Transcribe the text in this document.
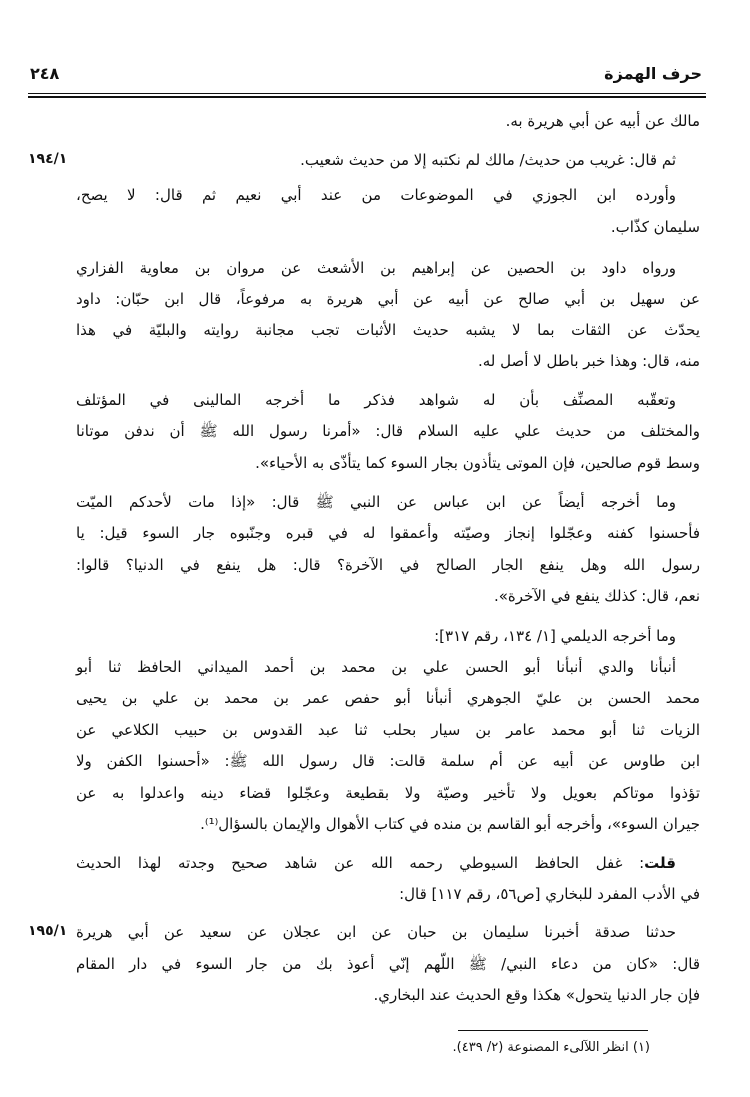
٢٤٨	حرف الهمزة
مالك عن أبيه عن أبي هريرة به.
ثم قال: غريب من حديث/ مالك لم نكتبه إلا من حديث شعيب.
وأورده ابن الجوزي في الموضوعات من عند أبي نعيم ثم قال: لا يصح،
سليمان كذّاب.
ورواه داود بن الحصين عن إبراهيم بن الأشعث عن مروان بن معاوية الفزاري
عن سهيل بن أبي صالح عن أبيه عن أبي هريرة به مرفوعاً، قال ابن حبّان: داود
يحدّث عن الثقات بما لا يشبه حديث الأثبات تجب مجانبة روايته والبليّة في هذا
منه، قال: وهذا خبر باطل لا أصل له.
وتعقّبه المصنِّف بأن له شواهد فذكر ما أخرجه المالينى في المؤتلف
والمختلف من حديث علي عليه السلام قال: «أمرنا رسول الله ﷺ أن ندفن موتانا
وسط قوم صالحين، فإن الموتى يتأذون بجار السوء كما يتأذّى به الأحياء».
وما أخرجه أيضاً عن ابن عباس عن النبي ﷺ قال: «إذا مات لأحدكم الميّت
فأحسنوا كفنه وعجّلوا إنجاز وصيّته وأعمقوا له في قبره وجنّبوه جار السوء قيل: يا
رسول الله وهل ينفع الجار الصالح في الآخرة؟ قال: هل ينفع في الدنيا؟ قالوا:
نعم، قال: كذلك ينفع في الآخرة».
وما أخرجه الديلمي [١/ ١٣٤، رقم ٣١٧]:
أنبأنا والدي أنبأنا أبو الحسن علي بن محمد بن أحمد الميداني الحافظ ثنا أبو
محمد الحسن بن عليّ الجوهري أنبأنا أبو حفص عمر بن محمد بن علي بن يحيى
الزيات ثنا أبو محمد عامر بن سيار بحلب ثنا عبد القدوس بن حبيب الكلاعي عن
ابن طاوس عن أبيه عن أم سلمة قالت: قال رسول الله ﷺ: «أحسنوا الكفن ولا
تؤذوا موتاكم بعويل ولا تأخير وصيّة ولا بقطيعة وعجّلوا قضاء دينه واعدلوا به عن
جيران السوء»، وأخرجه أبو القاسم بن منده في كتاب الأهوال والإيمان بالسؤال⁽¹⁾.
قلت: غفل الحافظ السيوطي رحمه الله عن شاهد صحيح وجدته لهذا الحديث
في الأدب المفرد للبخاري [ص٥٦، رقم ١١٧] قال:
حدثنا صدقة أخبرنا سليمان بن حبان عن ابن عجلان عن سعيد عن أبي هريرة
قال: «كان من دعاء النبي/ ﷺ اللّهم إنّي أعوذ بك من جار السوء في دار المقام
فإن جار الدنيا يتحول» هكذا وقع الحديث عند البخاري.
١٩٤/١
١٩٥/١
(١) انظر اللآلىء المصنوعة (٢/ ٤٣٩).
